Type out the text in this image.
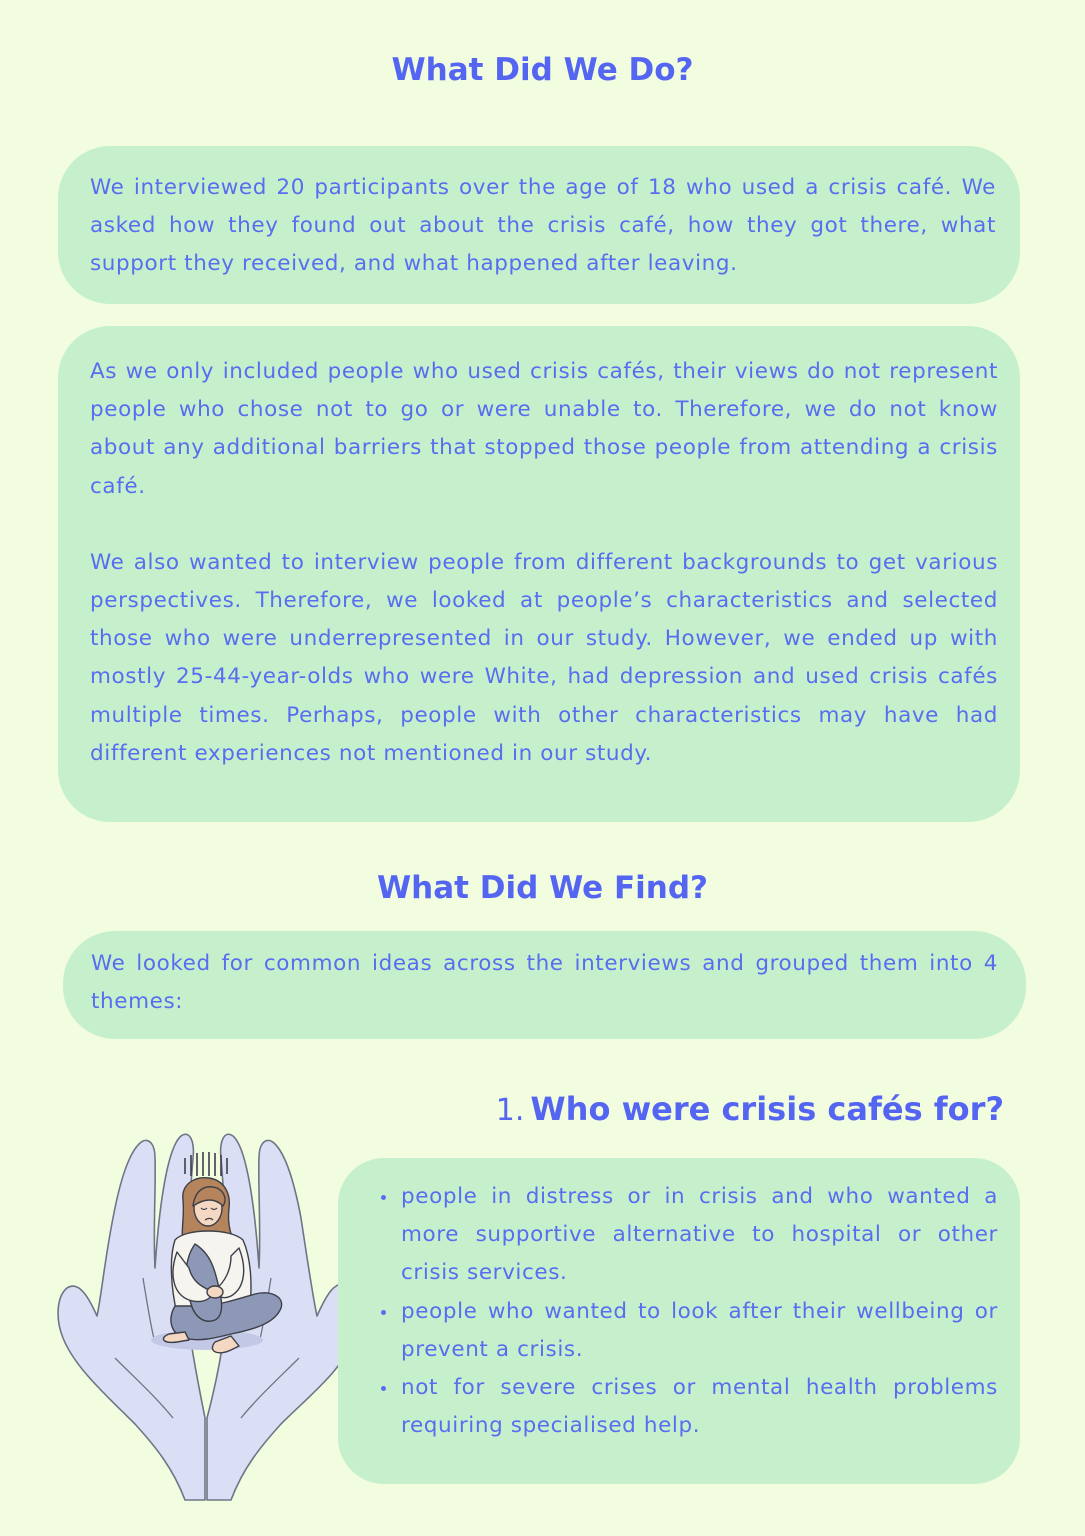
What Did We Do?

We interviewed 20 participants over the age of 18 who used a crisis café. We asked how they found out about the crisis café, how they got there, what support they received, and what happened after leaving.

As we only included people who used crisis cafés, their views do not represent people who chose not to go or were unable to. Therefore, we do not know about any additional barriers that stopped those people from attending a crisis café.

We also wanted to interview people from different backgrounds to get various perspectives. Therefore, we looked at people’s characteristics and selected those who were underrepresented in our study. However, we ended up with mostly 25-44-year-olds who were White, had depression and used crisis cafés multiple times. Perhaps, people with other characteristics may have had different experiences not mentioned in our study.

What Did We Find?

We looked for common ideas across the interviews and grouped them into 4 themes:

1. Who were crisis cafés for?
people in distress or in crisis and who wanted a more supportive alternative to hospital or other crisis services.
people who wanted to look after their wellbeing or prevent a crisis.
not for severe crises or mental health problems requiring specialised help.
